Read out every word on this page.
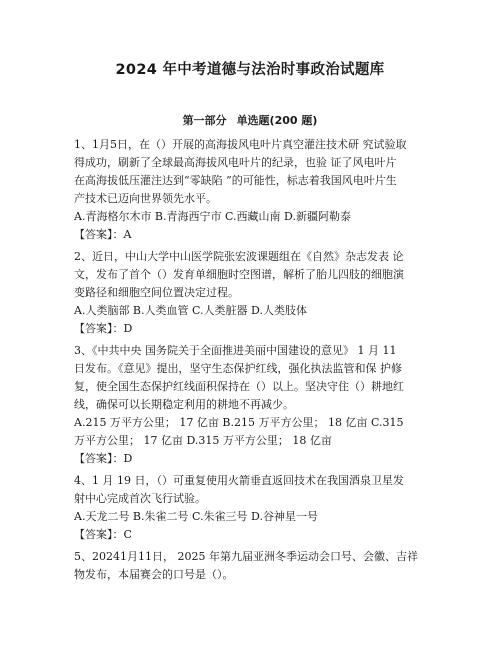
2024 年中考道德与法治时事政治试题库
第一部分 单选题(200 题)
1、1月5日，在（）开展的高海拔风电叶片真空灌注技术研 究试验取
得成功，刷新了全球最高海拔风电叶片的纪录，也验 证了风电叶片
在高海拔低压灌注达到“零缺陷 ”的可能性，标志着我国风电叶片生
产技术已迈向世界领先水平。
A.青海格尔木市 B.青海西宁市 C.西藏山南 D.新疆阿勒泰
【答案】：A
2、近日，中山大学中山医学院张宏波课题组在《自然》杂志发表 论
文，发布了首个（）发育单细胞时空图谱，解析了胎儿四肢的细胞演
变路径和细胞空间位置决定过程。
A.人类脑部 B.人类血管 C.人类脏器 D.人类肢体
【答案】：D
3、《中共中央 国务院关于全面推进美丽中国建设的意见》 1 月 11
日发布。《意见》提出，坚守生态保护红线，强化执法监管和保 护修
复，使全国生态保护红线面积保持在（）以上。坚决守住（）耕地红
线，确保可以长期稳定利用的耕地不再减少。
A.215 万平方公里； 17 亿亩 B.215 万平方公里； 18 亿亩 C.315
万平方公里； 17 亿亩 D.315 万平方公里； 18 亿亩
【答案】：D
4、1 月 19 日，（）可重复使用火箭垂直返回技术在我国酒泉卫星发
射中心完成首次飞行试验。
A.天龙二号 B.朱雀二号 C.朱雀三号 D.谷神星一号
【答案】：C
5、20241月11日， 2025 年第九届亚洲冬季运动会口号、会徽、吉祥
物发布，本届赛会的口号是（）。
